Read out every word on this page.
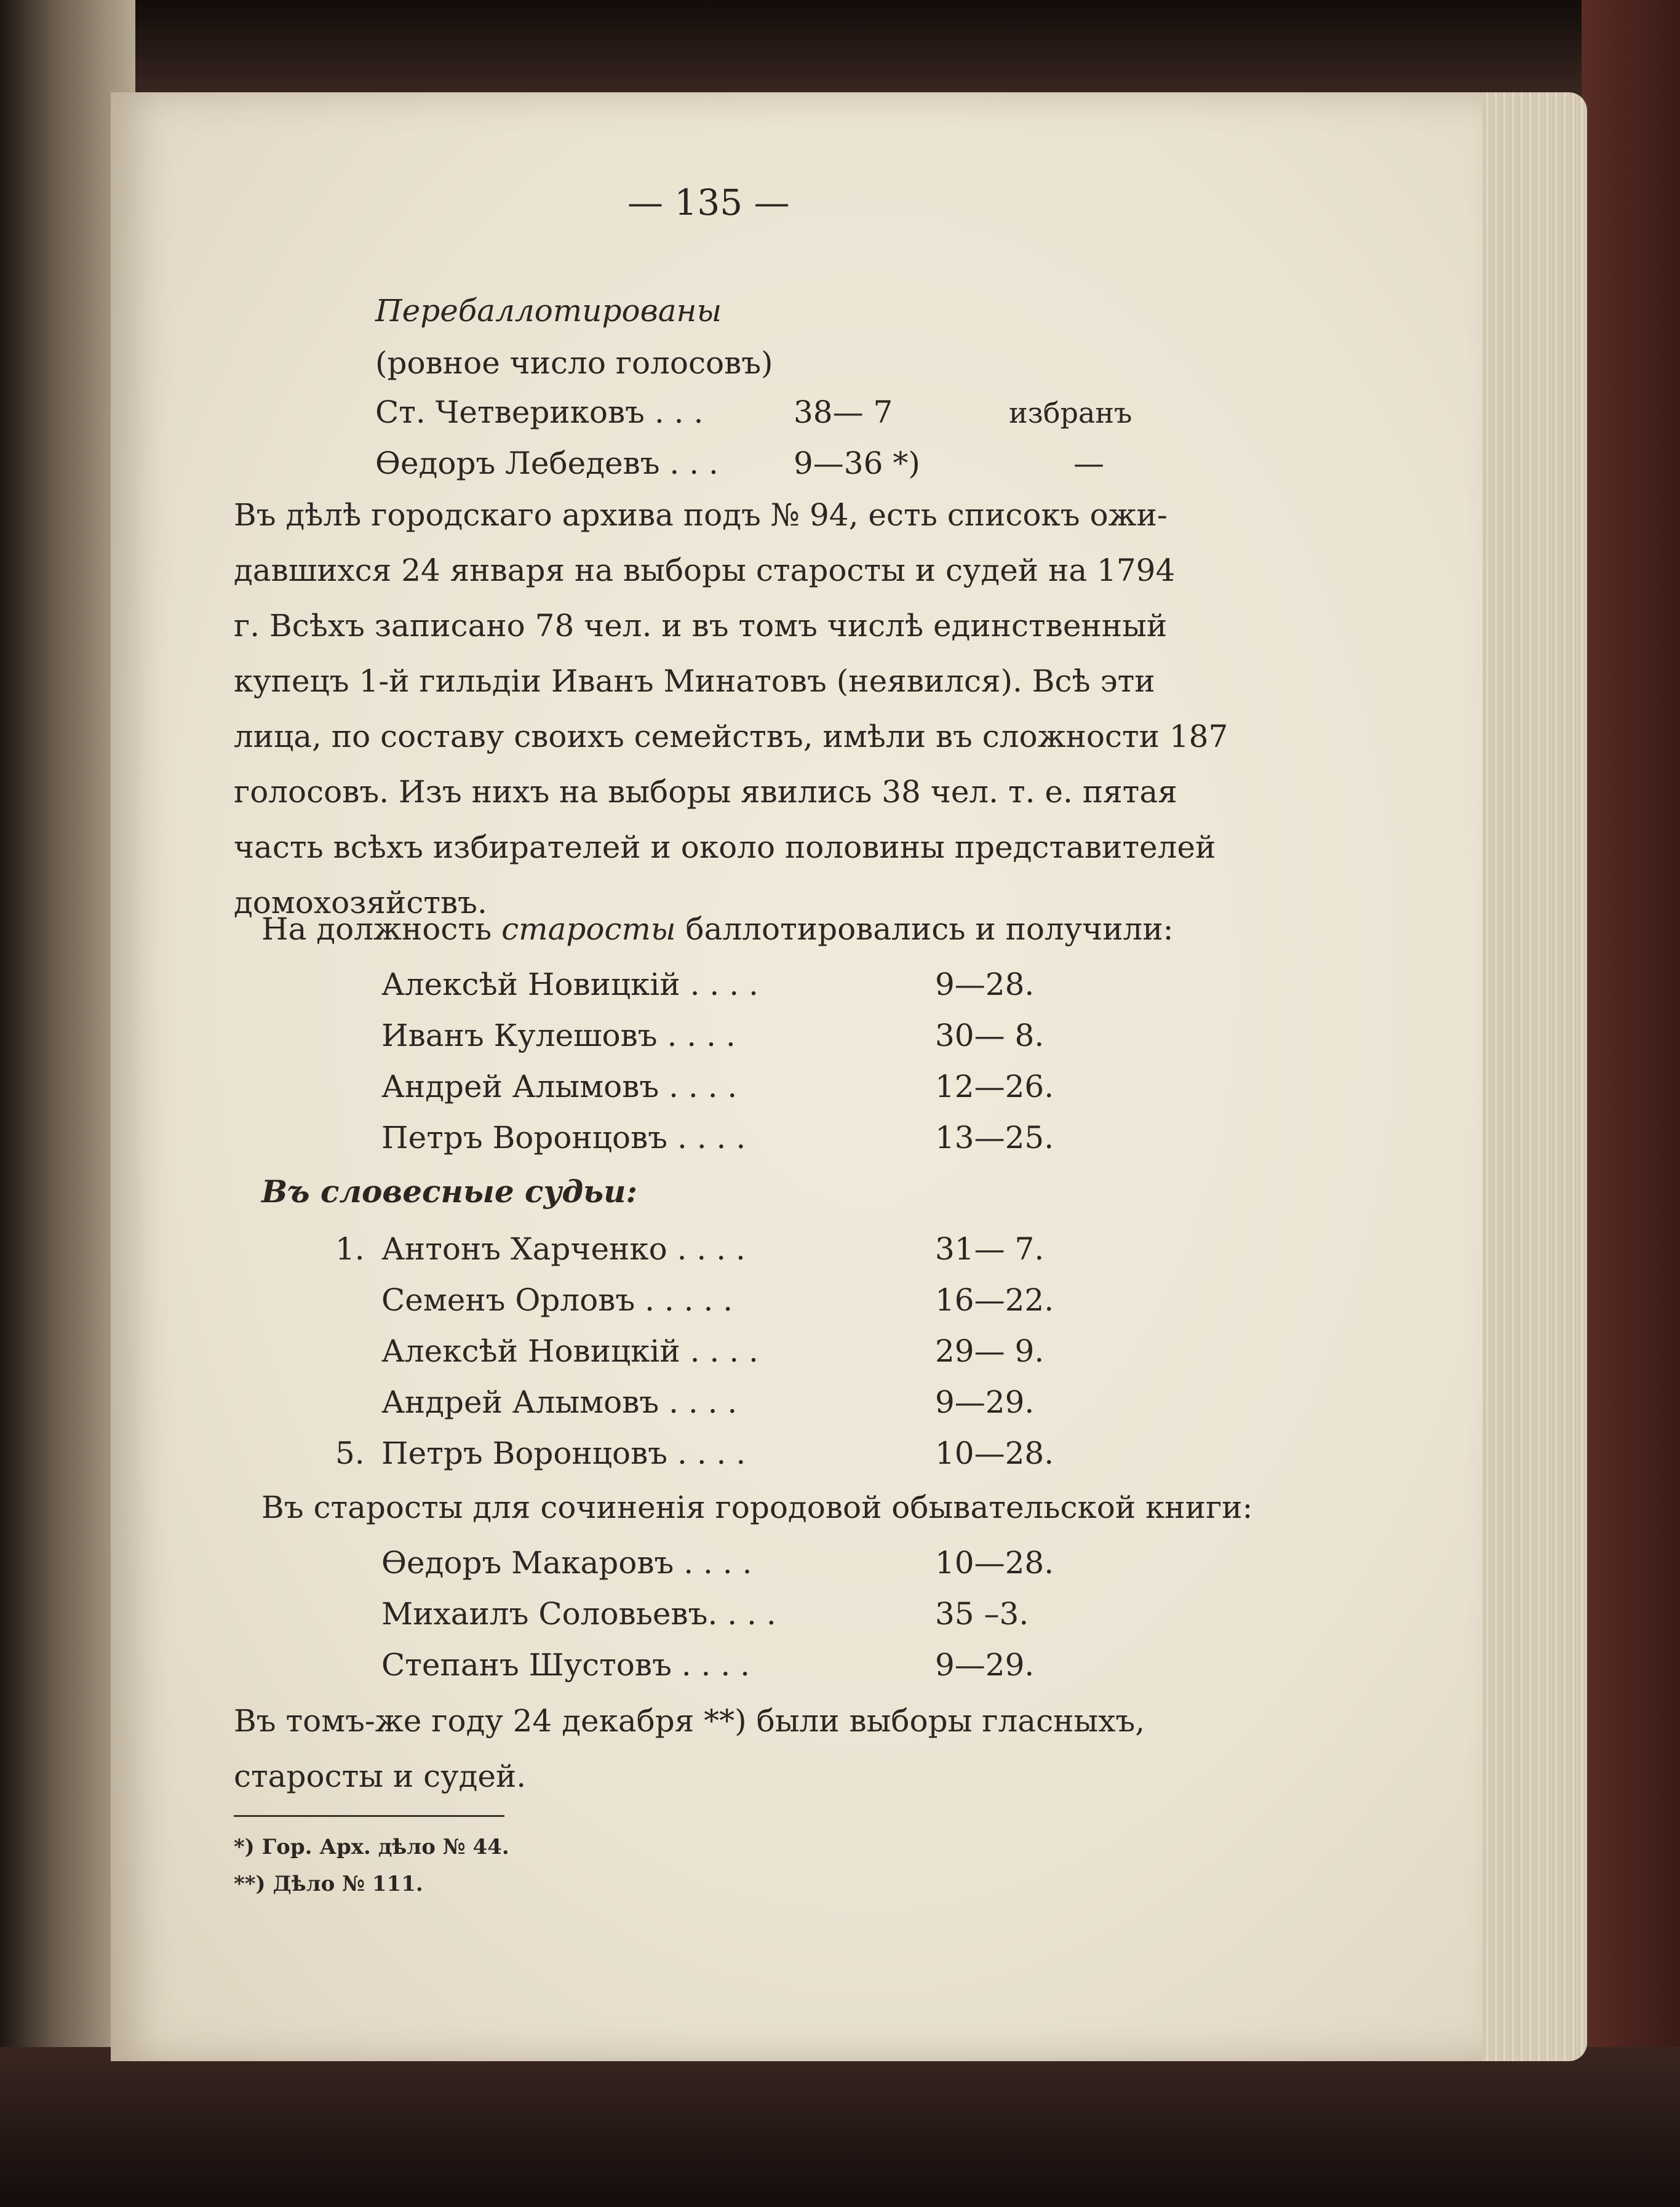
— 135 —
Перебаллотированы
(ровное число голосовъ)
Ст. Четвериковъ . . .	38— 7	избранъ
Өедоръ Лебедевъ . . . 9—36 *)	—
Въ дѣлѣ городскаго архива подъ № 94, есть списокъ ожи-
давшихся 24 января на выборы старосты и судей на 1794
г. Всѣхъ записано 78 чел. и въ томъ числѣ единственный
купецъ 1-й гильдіи Иванъ Минатовъ (неявился). Всѣ эти
лица, по составу своихъ семействъ, имѣли въ сложности 187
голосовъ. Изъ нихъ на выборы явились 38 чел. т. е. пятая
часть всѣхъ избирателей и около половины представителей
домохозяйствъ.
На должность старосты баллотировались и получили:
Алексѣй Новицкій . . . .	9—28.
Иванъ Кулешовъ . . . .	30— 8.
Андрей Алымовъ . . . .	12—26.
Петръ Воронцовъ . . . .	13—25.
Въ словесные судьи:
1. Антонъ Харченко . . . .	31— 7.
Семенъ Орловъ . . . . .	16—22.
Алексѣй Новицкій . . . .	29— 9.
Андрей Алымовъ . . . .	9—29.
5. Петръ Воронцовъ . . . .	10—28.
Въ старосты для сочиненія городовой обывательской книги:
Өедоръ Макаровъ . . . .	10—28.
Михаилъ Соловьевъ. . . .	35 –3.
Степанъ Шустовъ . . . .	9—29.
Въ томъ-же году 24 декабря **) были выборы гласныхъ,
старосты и судей.
*) Гор. Арх. дѣло № 44.
**) Дѣло № 111.
